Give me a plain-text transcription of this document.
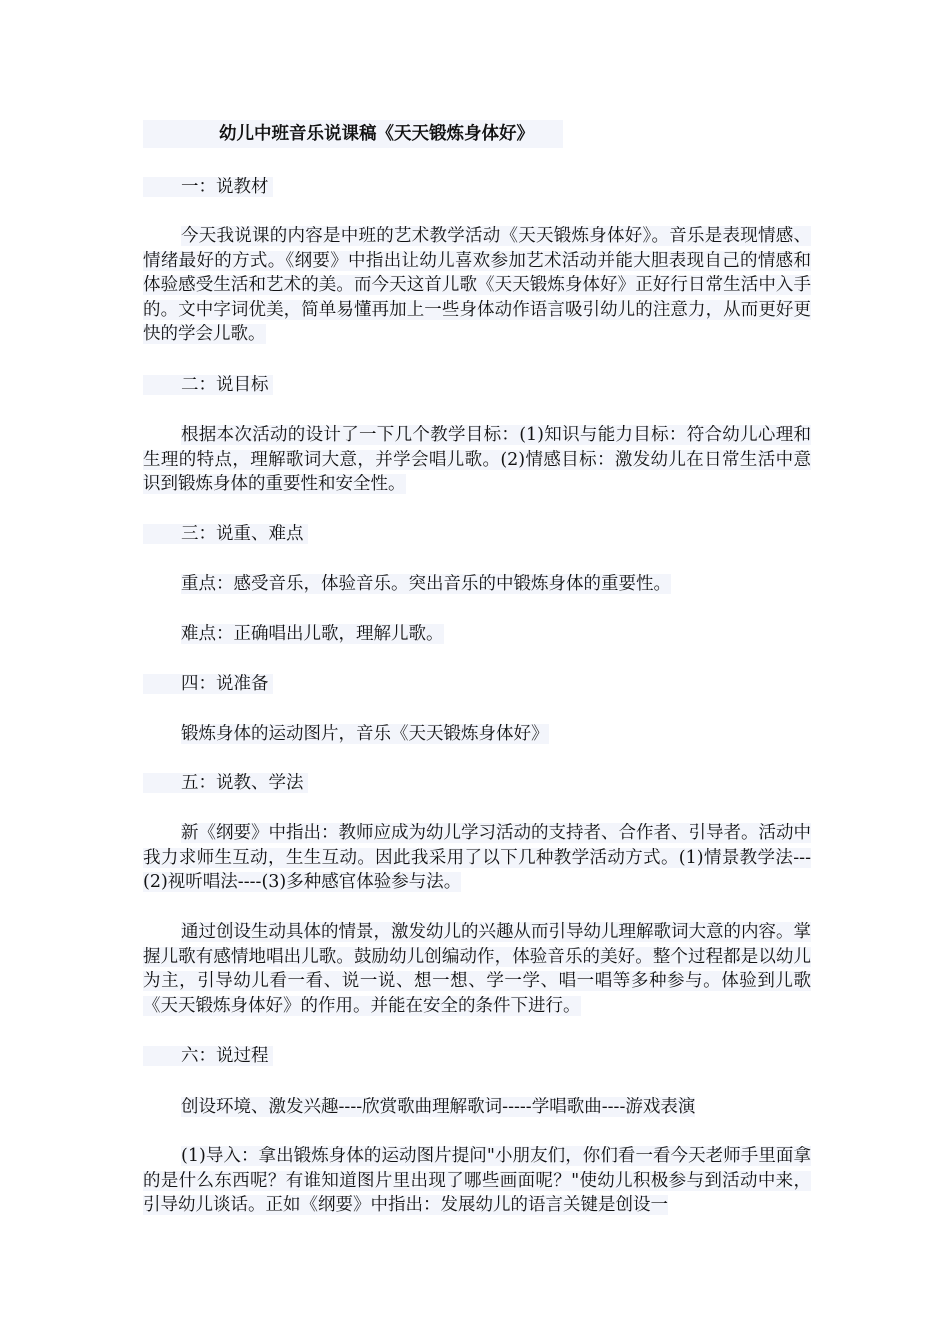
幼儿中班音乐说课稿《天天锻炼身体好》
一：说教材
今天我说课的内容是中班的艺术教学活动《天天锻炼身体好》。音乐是表现情感、情绪最好的方式。《纲要》中指出让幼儿喜欢参加艺术活动并能大胆表现自己的情感和体验感受生活和艺术的美。而今天这首儿歌《天天锻炼身体好》正好行日常生活中入手的。文中字词优美，简单易懂再加上一些身体动作语言吸引幼儿的注意力，从而更好更快的学会儿歌。
二：说目标
根据本次活动的设计了一下几个教学目标：(1)知识与能力目标：符合幼儿心理和生理的特点，理解歌词大意，并学会唱儿歌。(2)情感目标：激发幼儿在日常生活中意识到锻炼身体的重要性和安全性。
三：说重、难点
重点：感受音乐，体验音乐。突出音乐的中锻炼身体的重要性。
难点：正确唱出儿歌，理解儿歌。
四：说准备
锻炼身体的运动图片，音乐《天天锻炼身体好》
五：说教、学法
新《纲要》中指出：教师应成为幼儿学习活动的支持者、合作者、引导者。活动中我力求师生互动，生生互动。因此我采用了以下几种教学活动方式。(1)情景教学法---(2)视听唱法----(3)多种感官体验参与法。
通过创设生动具体的情景，激发幼儿的兴趣从而引导幼儿理解歌词大意的内容。掌握儿歌有感情地唱出儿歌。鼓励幼儿创编动作，体验音乐的美好。整个过程都是以幼儿为主，引导幼儿看一看、说一说、想一想、学一学、唱一唱等多种参与。体验到儿歌《天天锻炼身体好》的作用。并能在安全的条件下进行。
六：说过程
创设环境、激发兴趣----欣赏歌曲理解歌词-----学唱歌曲----游戏表演
(1)导入：拿出锻炼身体的运动图片提问"小朋友们，你们看一看今天老师手里面拿的是什么东西呢？有谁知道图片里出现了哪些画面呢？"使幼儿积极参与到活动中来，引导幼儿谈话。正如《纲要》中指出：发展幼儿的语言关键是创设一
